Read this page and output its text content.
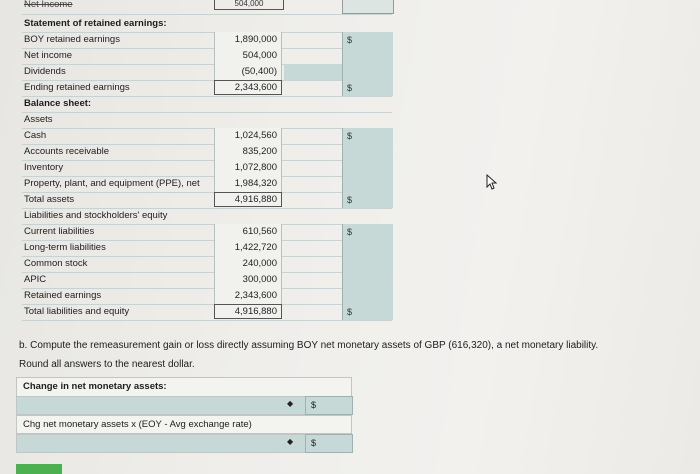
Net Income	504,000
Statement of retained earnings:
BOY retained earnings	1,890,000	$
Net income	504,000
Dividends	(50,400)
Ending retained earnings	2,343,600	$
Balance sheet:
Assets
Cash	1,024,560	$
Accounts receivable	835,200
Inventory	1,072,800
Property, plant, and equipment (PPE), net	1,984,320
Total assets	4,916,880	$
Liabilities and stockholders' equity
Current liabilities	610,560	$
Long-term liabilities	1,422,720
Common stock	240,000
APIC	300,000
Retained earnings	2,343,600
Total liabilities and equity	4,916,880	$
b. Compute the remeasurement gain or loss directly assuming BOY net monetary assets of GBP (616,320), a net monetary liability.
Round all answers to the nearest dollar.
Change in net monetary assets:
◆ $
Chg net monetary assets x (EOY - Avg exchange rate)
◆ $
